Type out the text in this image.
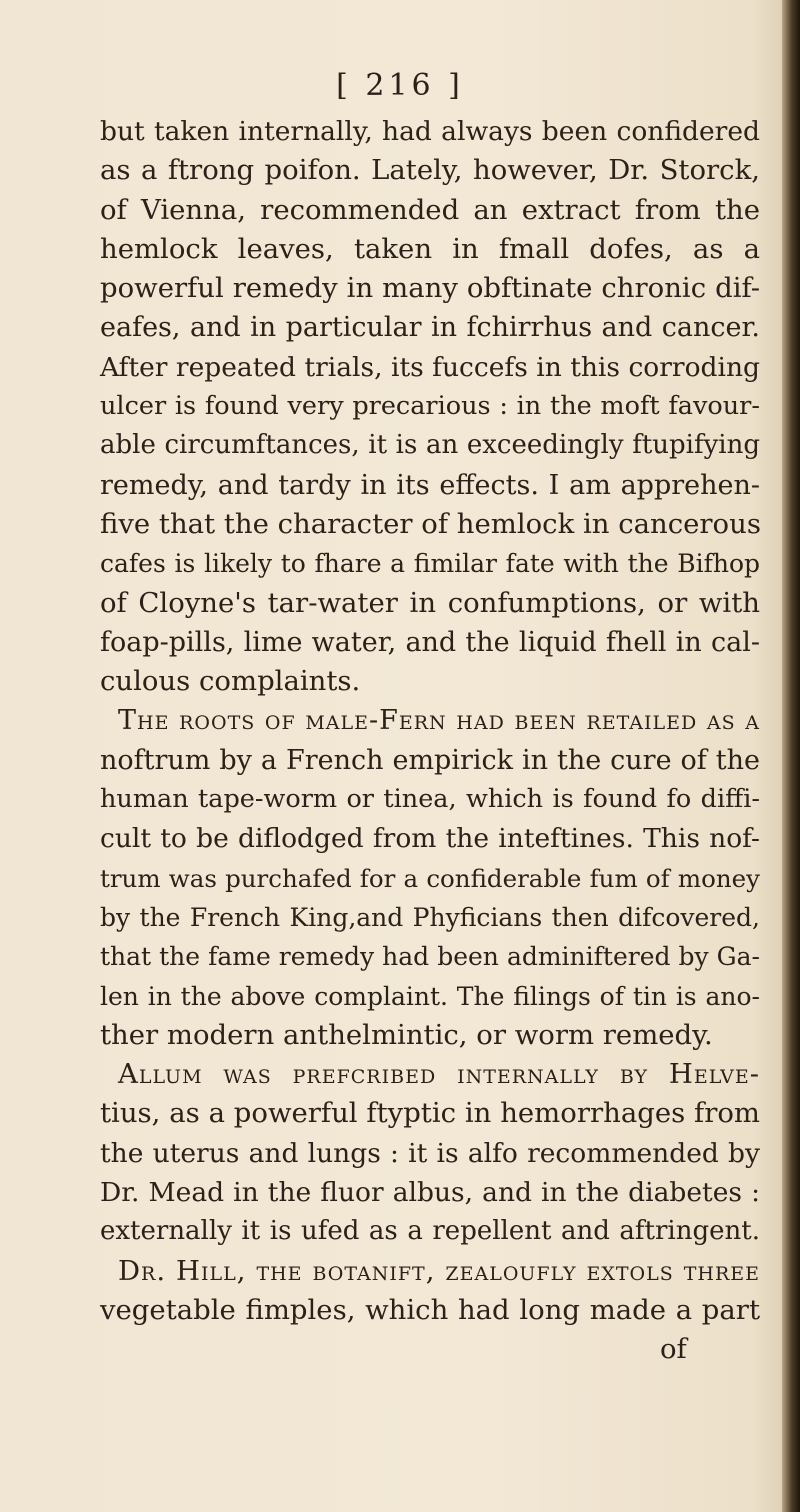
[ 216 ]
but taken internally, had always been confidered
as a ftrong poifon. Lately, however, Dr. Storck,
of Vienna, recommended an extract from the
hemlock leaves, taken in fmall dofes, as a
powerful remedy in many obftinate chronic dif-
eafes, and in particular in fchirrhus and cancer.
After repeated trials, its fuccefs in this corroding
ulcer is found very precarious : in the moft favour-
able circumftances, it is an exceedingly ftupifying
remedy, and tardy in its effects. I am apprehen-
five that the character of hemlock in cancerous
cafes is likely to fhare a fimilar fate with the Bifhop
of Cloyne's tar-water in confumptions, or with
foap-pills, lime water, and the liquid fhell in cal-
culous complaints.
The roots of male-Fern had been retailed as a
noftrum by a French empirick in the cure of the
human tape-worm or tinea, which is found fo diffi-
cult to be diflodged from the inteftines. This nof-
trum was purchafed for a confiderable fum of money
by the French King,and Phyficians then difcovered,
that the fame remedy had been adminiftered by Ga-
len in the above complaint. The filings of tin is ano-
ther modern anthelmintic, or worm remedy.
Allum was prefcribed internally by Helve-
tius, as a powerful ftyptic in hemorrhages from
the uterus and lungs : it is alfo recommended by
Dr. Mead in the fluor albus, and in the diabetes :
externally it is ufed as a repellent and aftringent.
Dr. Hill, the botanift, zealoufly extols three
vegetable fimples, which had long made a part
of
